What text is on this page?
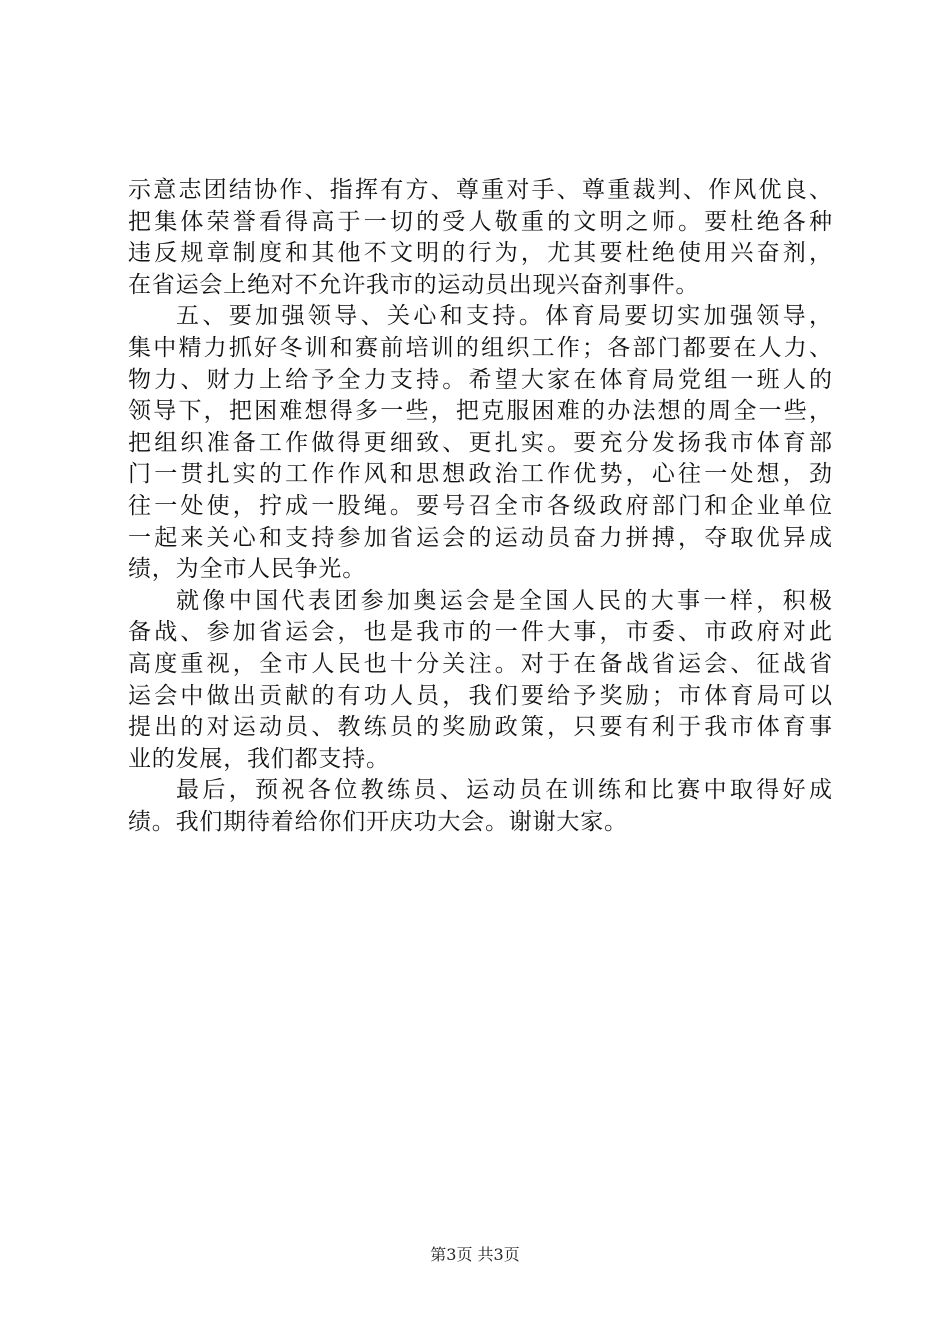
示意志团结协作、指挥有方、尊重对手、尊重裁判、作风优良、
把集体荣誉看得高于一切的受人敬重的文明之师。要杜绝各种
违反规章制度和其他不文明的行为，尤其要杜绝使用兴奋剂，
在省运会上绝对不允许我市的运动员出现兴奋剂事件。
五、要加强领导、关心和支持。体育局要切实加强领导，
集中精力抓好冬训和赛前培训的组织工作；各部门都要在人力、
物力、财力上给予全力支持。希望大家在体育局党组一班人的
领导下，把困难想得多一些，把克服困难的办法想的周全一些，
把组织准备工作做得更细致、更扎实。要充分发扬我市体育部
门一贯扎实的工作作风和思想政治工作优势，心往一处想，劲
往一处使，拧成一股绳。要号召全市各级政府部门和企业单位
一起来关心和支持参加省运会的运动员奋力拼搏，夺取优异成
绩，为全市人民争光。
就像中国代表团参加奥运会是全国人民的大事一样，积极
备战、参加省运会，也是我市的一件大事，市委、市政府对此
高度重视，全市人民也十分关注。对于在备战省运会、征战省
运会中做出贡献的有功人员，我们要给予奖励；市体育局可以
提出的对运动员、教练员的奖励政策，只要有利于我市体育事
业的发展，我们都支持。
最后，预祝各位教练员、运动员在训练和比赛中取得好成
绩。我们期待着给你们开庆功大会。谢谢大家。
第3页 共3页
